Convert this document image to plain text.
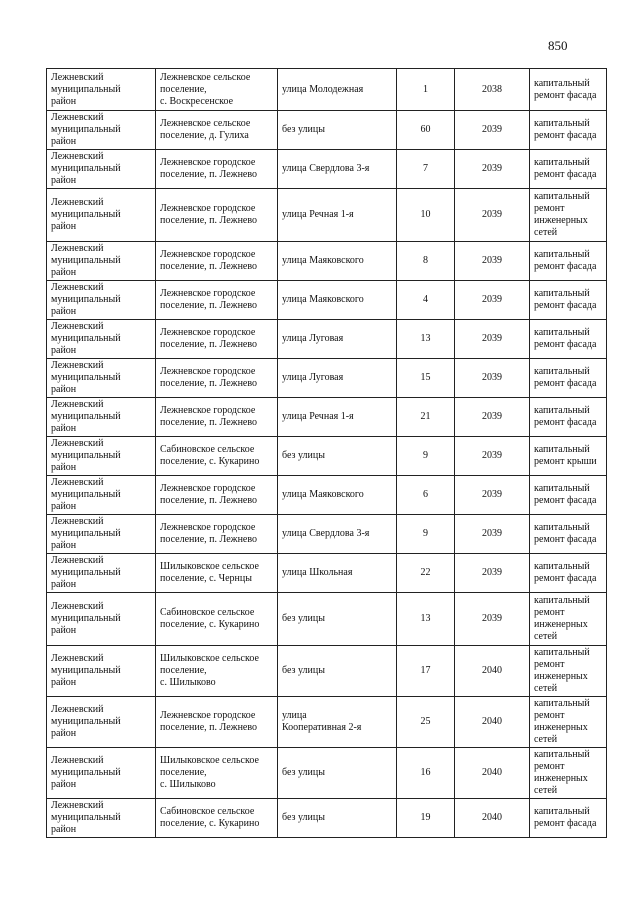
850
Лежневский
муниципальный
район	Лежневское сельское
поселение,
с. Воскресенское	улица Молодежная	1	2038	капитальный
ремонт фасада
Лежневский
муниципальный
район	Лежневское сельское
поселение, д. Гулиха	без улицы	60	2039	капитальный
ремонт фасада
Лежневский
муниципальный
район	Лежневское городское
поселение, п. Лежнево	улица Свердлова 3-я	7	2039	капитальный
ремонт фасада
Лежневский
муниципальный
район	Лежневское городское
поселение, п. Лежнево	улица Речная 1-я	10	2039	капитальный
ремонт
инженерных
сетей
Лежневский
муниципальный
район	Лежневское городское
поселение, п. Лежнево	улица Маяковского	8	2039	капитальный
ремонт фасада
Лежневский
муниципальный
район	Лежневское городское
поселение, п. Лежнево	улица Маяковского	4	2039	капитальный
ремонт фасада
Лежневский
муниципальный
район	Лежневское городское
поселение, п. Лежнево	улица Луговая	13	2039	капитальный
ремонт фасада
Лежневский
муниципальный
район	Лежневское городское
поселение, п. Лежнево	улица Луговая	15	2039	капитальный
ремонт фасада
Лежневский
муниципальный
район	Лежневское городское
поселение, п. Лежнево	улица Речная 1-я	21	2039	капитальный
ремонт фасада
Лежневский
муниципальный
район	Сабиновское сельское
поселение, с. Кукарино	без улицы	9	2039	капитальный
ремонт крыши
Лежневский
муниципальный
район	Лежневское городское
поселение, п. Лежнево	улица Маяковского	6	2039	капитальный
ремонт фасада
Лежневский
муниципальный
район	Лежневское городское
поселение, п. Лежнево	улица Свердлова 3-я	9	2039	капитальный
ремонт фасада
Лежневский
муниципальный
район	Шилыковское сельское
поселение, с. Чернцы	улица Школьная	22	2039	капитальный
ремонт фасада
Лежневский
муниципальный
район	Сабиновское сельское
поселение, с. Кукарино	без улицы	13	2039	капитальный
ремонт
инженерных
сетей
Лежневский
муниципальный
район	Шилыковское сельское
поселение,
с. Шилыково	без улицы	17	2040	капитальный
ремонт
инженерных
сетей
Лежневский
муниципальный
район	Лежневское городское
поселение, п. Лежнево	улица
Кооперативная 2-я	25	2040	капитальный
ремонт
инженерных
сетей
Лежневский
муниципальный
район	Шилыковское сельское
поселение,
с. Шилыково	без улицы	16	2040	капитальный
ремонт
инженерных
сетей
Лежневский
муниципальный
район	Сабиновское сельское
поселение, с. Кукарино	без улицы	19	2040	капитальный
ремонт фасада
